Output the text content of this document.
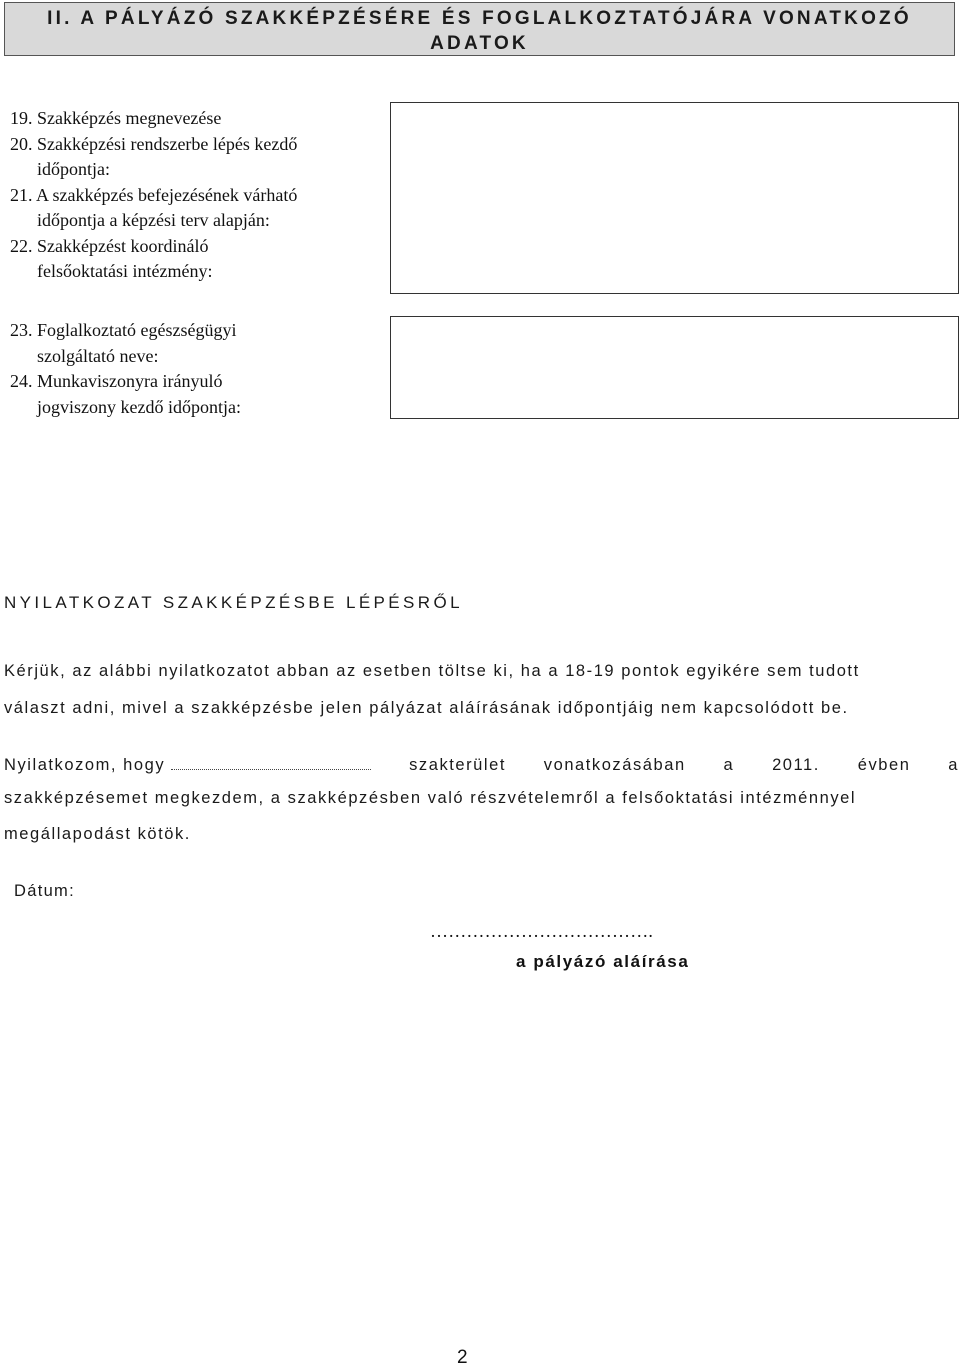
II. A PÁLYÁZÓ SZAKKÉPZÉSÉRE ÉS FOGLALKOZTATÓJÁRA VONATKOZÓ
ADATOK
19. Szakképzés megnevezése
20. Szakképzési rendszerbe lépés kezdő
időpontja:
21. A szakképzés befejezésének várható
időpontja a képzési terv alapján:
22. Szakképzést koordináló
felsőoktatási intézmény:
23. Foglalkoztató egészségügyi
szolgáltató neve:
24. Munkaviszonyra irányuló
jogviszony kezdő időpontja:
NYILATKOZAT SZAKKÉPZÉSBE LÉPÉSRŐL
Kérjük, az alábbi nyilatkozatot abban az esetben töltse ki, ha a 18-19 pontok egyikére sem tudott
választ adni, mivel a szakképzésbe jelen pályázat aláírásának időpontjáig nem kapcsolódott be.
Nyilatkozom, hogy	szakterület vonatkozásában a 2011. évben a
szakképzésemet megkezdem, a szakképzésben való részvételemről a felsőoktatási intézménnyel
megállapodást kötök.
Dátum:
……………………………….
a pályázó aláírása
2
